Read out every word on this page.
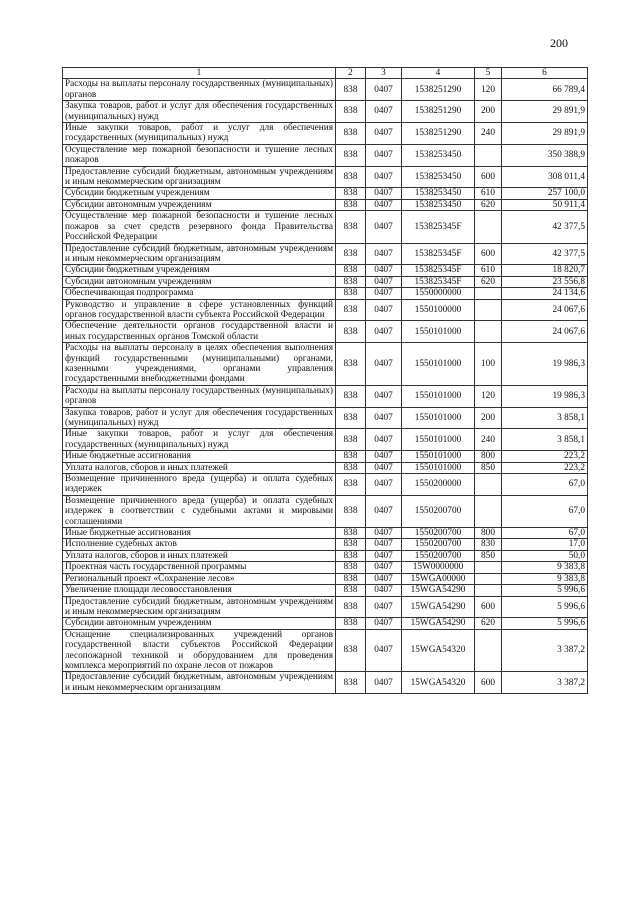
200
1	2	3	4	5	6
Расходы на выплаты персоналу государственных (муниципальных) органов	838	0407	1538251290	120	66 789,4
Закупка товаров, работ и услуг для обеспечения государственных (муниципальных) нужд	838	0407	1538251290	200	29 891,9
Иные закупки товаров, работ и услуг для обеспечения государственных (муниципальных) нужд	838	0407	1538251290	240	29 891,9
Осуществление мер пожарной безопасности и тушение лесных пожаров	838	0407	1538253450		350 388,9
Предоставление субсидий бюджетным, автономным учреждениям и иным некоммерческим организациям	838	0407	1538253450	600	308 011,4
Субсидии бюджетным учреждениям	838	0407	1538253450	610	257 100,0
Субсидии автономным учреждениям	838	0407	1538253450	620	50 911,4
Осуществление мер пожарной безопасности и тушение лесных пожаров за счет средств резервного фонда Правительства Российской Федерации	838	0407	153825345F		42 377,5
Предоставление субсидий бюджетным, автономным учреждениям и иным некоммерческим организациям	838	0407	153825345F	600	42 377,5
Субсидии бюджетным учреждениям	838	0407	153825345F	610	18 820,7
Субсидии автономным учреждениям	838	0407	153825345F	620	23 556,8
Обеспечивающая подпрограмма	838	0407	1550000000		24 134,6
Руководство и управление в сфере установленных функций органов государственной власти субъекта Российской Федерации	838	0407	1550100000		24 067,6
Обеспечение деятельности органов государственной власти и иных государственных органов Томской области	838	0407	1550101000		24 067,6
Расходы на выплаты персоналу в целях обеспечения выполнения функций государственными (муниципальными) органами, казенными учреждениями, органами управления государственными внебюджетными фондами	838	0407	1550101000	100	19 986,3
Расходы на выплаты персоналу государственных (муниципальных) органов	838	0407	1550101000	120	19 986,3
Закупка товаров, работ и услуг для обеспечения государственных (муниципальных) нужд	838	0407	1550101000	200	3 858,1
Иные закупки товаров, работ и услуг для обеспечения государственных (муниципальных) нужд	838	0407	1550101000	240	3 858,1
Иные бюджетные ассигнования	838	0407	1550101000	800	223,2
Уплата налогов, сборов и иных платежей	838	0407	1550101000	850	223,2
Возмещение причиненного вреда (ущерба) и оплата судебных издержек	838	0407	1550200000		67,0
Возмещение причиненного вреда (ущерба) и оплата судебных издержек в соответствии с судебными актами и мировыми соглашениями	838	0407	1550200700		67,0
Иные бюджетные ассигнования	838	0407	1550200700	800	67,0
Исполнение судебных актов	838	0407	1550200700	830	17,0
Уплата налогов, сборов и иных платежей	838	0407	1550200700	850	50,0
Проектная часть государственной программы	838	0407	15W0000000		9 383,8
Региональный проект «Сохранение лесов»	838	0407	15WGA00000		9 383,8
Увеличение площади лесовосстановления	838	0407	15WGA54290		5 996,6
Предоставление субсидий бюджетным, автономным учреждениям и иным некоммерческим организациям	838	0407	15WGA54290	600	5 996,6
Субсидии автономным учреждениям	838	0407	15WGA54290	620	5 996,6
Оснащение специализированных учреждений органов государственной власти субъектов Российской Федерации лесопожарной техникой и оборудованием для проведения комплекса мероприятий по охране лесов от пожаров	838	0407	15WGA54320		3 387,2
Предоставление субсидий бюджетным, автономным учреждениям и иным некоммерческим организациям	838	0407	15WGA54320	600	3 387,2
